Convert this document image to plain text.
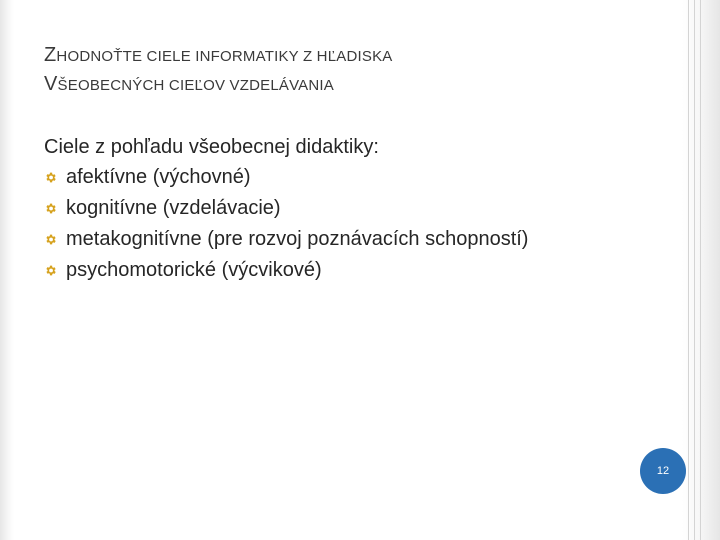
ZHODNOŤTE CIELE INFORMATIKY Z HĽADISKA
VŠEOBECNÝCH CIEĽOV VZDELÁVANIA

Ciele z pohľadu všeobecnej didaktiky:

afektívne (výchovné)
kognitívne (vzdelávacie)
metakognitívne (pre rozvoj poznávacích schopností)
psychomotorické (výcvikové)
12
